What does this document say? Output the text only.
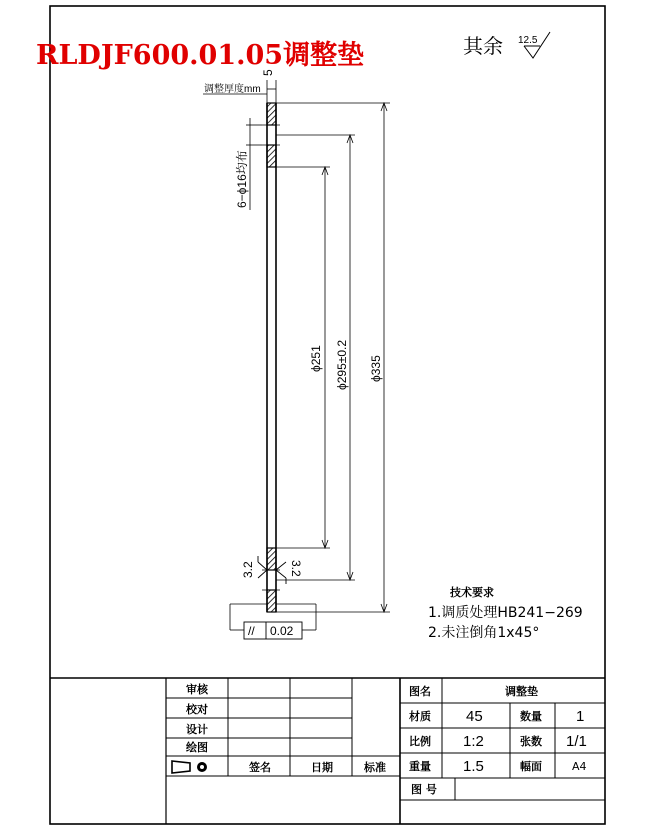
RLDJF600.01.05调整垫	其余 12.5
5
调整厚度mm
6−ϕ16均布
ϕ251 ϕ295±0.2 ϕ335
3.2	3.2
// 0.02
技术要求
1.调质处理HB241−269
2.未注倒角1x45°
审核
校对
设计
绘图
签名	日期	标准
图名	调整垫
材质 45	数量 1
比例 1:2	张数 1/1
重量 1.5	幅面	A4
图 号
